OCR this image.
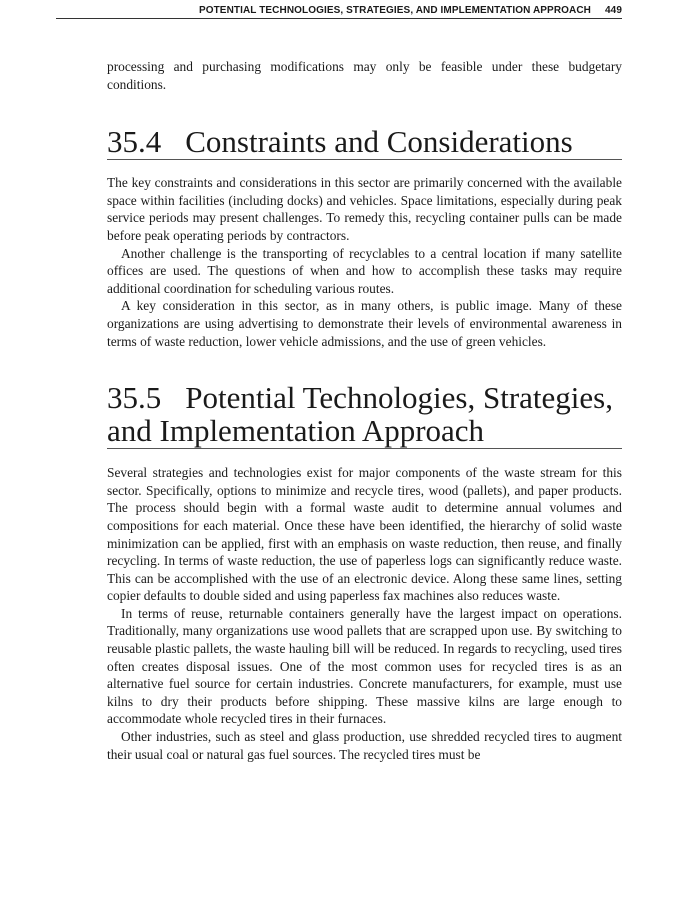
POTENTIAL TECHNOLOGIES, STRATEGIES, AND IMPLEMENTATION APPROACH 449

processing and purchasing modifications may only be feasible under these budgetary conditions.

35.4 Constraints and Considerations

The key constraints and considerations in this sector are primarily concerned with the available space within facilities (including docks) and vehicles. Space limitations, especially during peak service periods may present challenges. To remedy this, recycling container pulls can be made before peak operating periods by contractors.

Another challenge is the transporting of recyclables to a central location if many satellite offices are used. The questions of when and how to accomplish these tasks may require additional coordination for scheduling various routes.

A key consideration in this sector, as in many others, is public image. Many of these organizations are using advertising to demonstrate their levels of environmental awareness in terms of waste reduction, lower vehicle admissions, and the use of green vehicles.

35.5 Potential Technologies, Strategies, and Implementation Approach

Several strategies and technologies exist for major components of the waste stream for this sector. Specifically, options to minimize and recycle tires, wood (pallets), and paper products. The process should begin with a formal waste audit to determine annual volumes and compositions for each material. Once these have been identified, the hierarchy of solid waste minimization can be applied, first with an emphasis on waste reduction, then reuse, and finally recycling. In terms of waste reduction, the use of paperless logs can significantly reduce waste. This can be accomplished with the use of an electronic device. Along these same lines, setting copier defaults to double sided and using paperless fax machines also reduces waste.

In terms of reuse, returnable containers generally have the largest impact on operations. Traditionally, many organizations use wood pallets that are scrapped upon use. By switching to reusable plastic pallets, the waste hauling bill will be reduced. In regards to recycling, used tires often creates disposal issues. One of the most common uses for recycled tires is as an alternative fuel source for certain industries. Concrete manufacturers, for example, must use kilns to dry their products before shipping. These massive kilns are large enough to accommodate whole recycled tires in their furnaces.

Other industries, such as steel and glass production, use shredded recycled tires to augment their usual coal or natural gas fuel sources. The recycled tires must be
